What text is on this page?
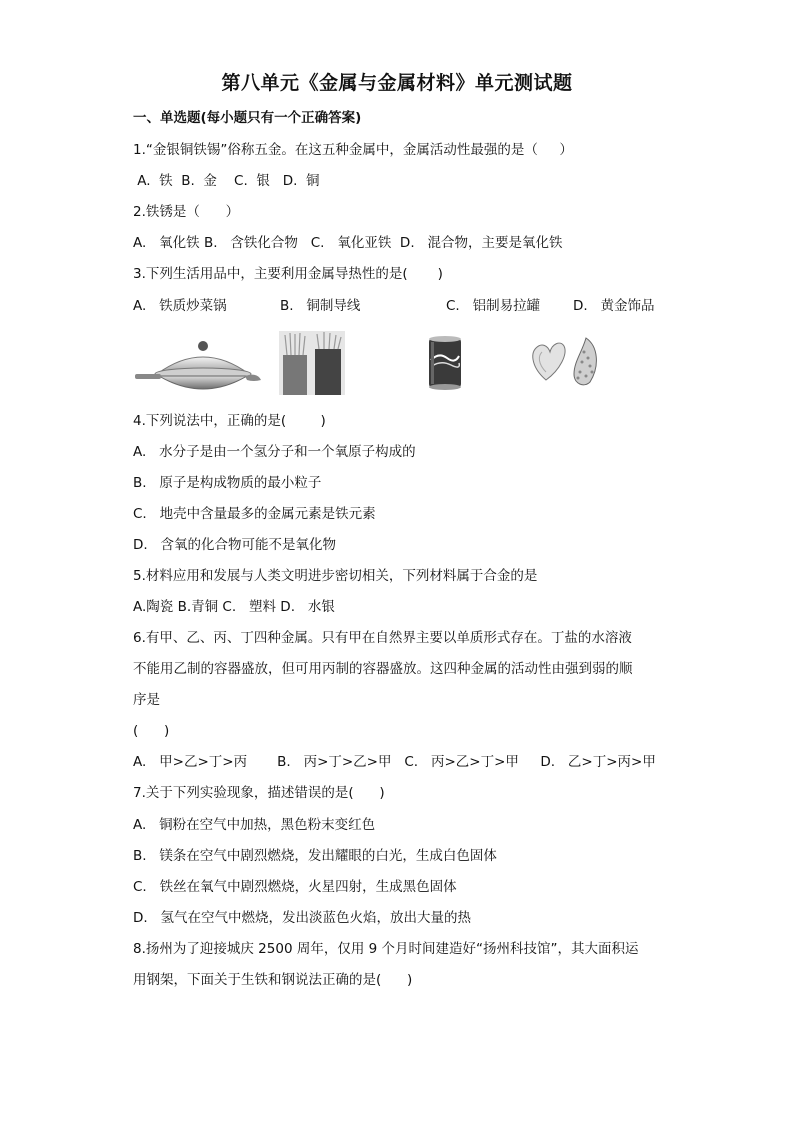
第八单元《金属与金属材料》单元测试题
一、单选题(每小题只有一个正确答案)
1.“金银铜铁锡”俗称五金。在这五种金属中，金属活动性最强的是（     ）
A.  铁  B.  金    C.  银   D.  铜
2.铁锈是（      ）
A.   氧化铁 B.   含铁化合物   C.   氧化亚铁  D.   混合物，主要是氧化铁
3.下列生活用品中，主要利用金属导热性的是(       )
A.   铁质炒菜锅	B.   铜制导线	C.   铝制易拉罐 D.   黄金饰品
4.下列说法中，正确的是(        )
A.   水分子是由一个氢分子和一个氧原子构成的
B.   原子是构成物质的最小粒子
C.   地壳中含量最多的金属元素是铁元素
D.   含氧的化合物可能不是氧化物
5.材料应用和发展与人类文明进步密切相关，下列材料属于合金的是
A.陶瓷 B.青铜 C.   塑料 D.   水银
6.有甲、乙、丙、丁四种金属。只有甲在自然界主要以单质形式存在。丁盐的水溶液
不能用乙制的容器盛放，但可用丙制的容器盛放。这四种金属的活动性由强到弱的顺
序是
(      )
A.   甲>乙>丁>丙       B.   丙>丁>乙>甲   C.   丙>乙>丁>甲     D.   乙>丁>丙>甲
7.关于下列实验现象，描述错误的是(      )
A.   铜粉在空气中加热，黑色粉末变红色
B.   镁条在空气中剧烈燃烧，发出耀眼的白光，生成白色固体
C.   铁丝在氧气中剧烈燃烧，火星四射，生成黑色固体
D.   氢气在空气中燃烧，发出淡蓝色火焰，放出大量的热
8.扬州为了迎接城庆 2500 周年，仅用 9 个月时间建造好“扬州科技馆”，其大面积运
用钢架，下面关于生铁和钢说法正确的是(      )
